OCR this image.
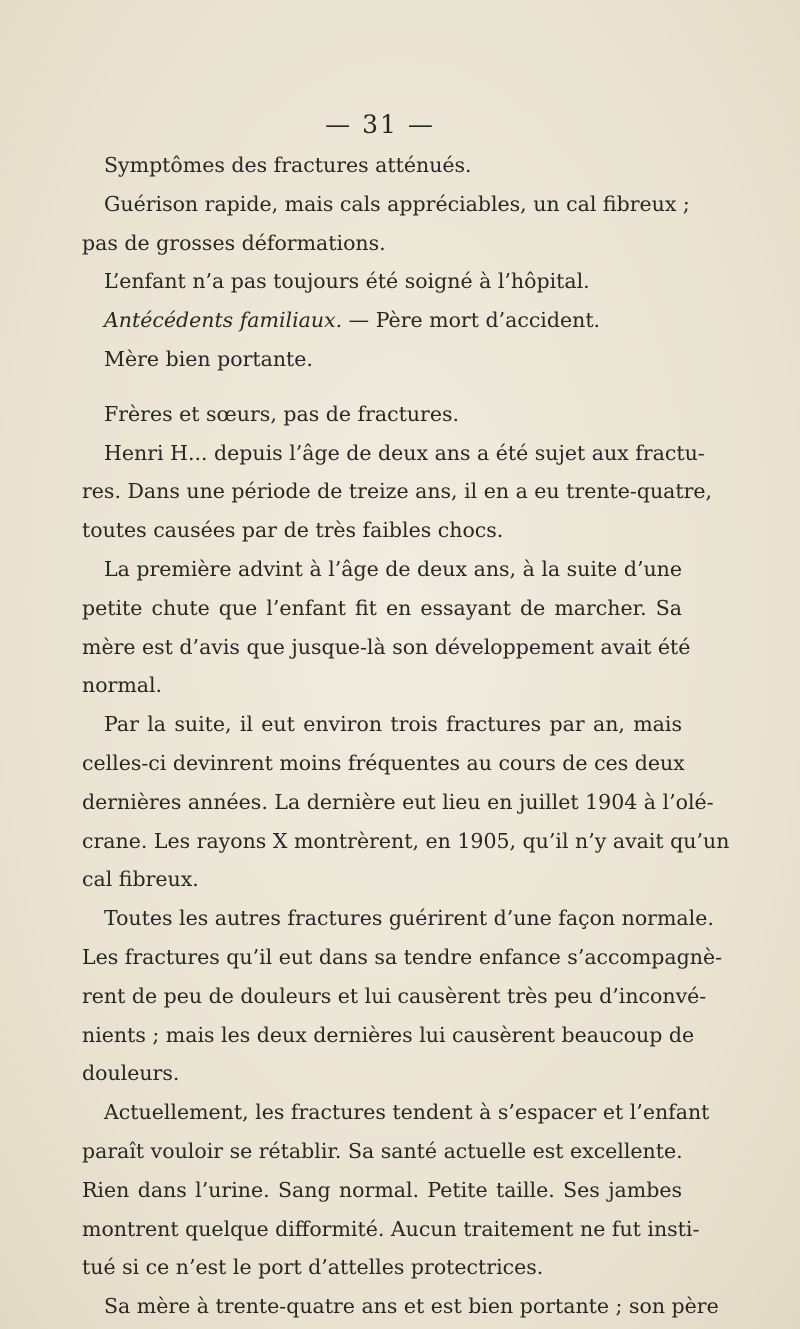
— 31 —
Symptômes des fractures atténués.
Guérison rapide, mais cals appréciables, un cal fibreux ;
pas de grosses déformations.
L’enfant n’a pas toujours été soigné à l’hôpital.
Antécédents familiaux. — Père mort d’accident.
Mère bien portante.
Frères et sœurs, pas de fractures.
Henri H... depuis l’âge de deux ans a été sujet aux fractu-
res. Dans une période de treize ans, il en a eu trente-quatre,
toutes causées par de très faibles chocs.
La première advint à l’âge de deux ans, à la suite d’une
petite chute que l’enfant fit en essayant de marcher. Sa
mère est d’avis que jusque-là son développement avait été
normal.
Par la suite, il eut environ trois fractures par an, mais
celles-ci devinrent moins fréquentes au cours de ces deux
dernières années. La dernière eut lieu en juillet 1904 à l’olé-
crane. Les rayons X montrèrent, en 1905, qu’il n’y avait qu’un
cal fibreux.
Toutes les autres fractures guérirent d’une façon normale.
Les fractures qu’il eut dans sa tendre enfance s’accompagnè-
rent de peu de douleurs et lui causèrent très peu d’inconvé-
nients ; mais les deux dernières lui causèrent beaucoup de
douleurs.
Actuellement, les fractures tendent à s’espacer et l’enfant
paraît vouloir se rétablir. Sa santé actuelle est excellente.
Rien dans l’urine. Sang normal. Petite taille. Ses jambes
montrent quelque difformité. Aucun traitement ne fut insti-
tué si ce n’est le port d’attelles protectrices.
Sa mère à trente-quatre ans et est bien portante ; son père
